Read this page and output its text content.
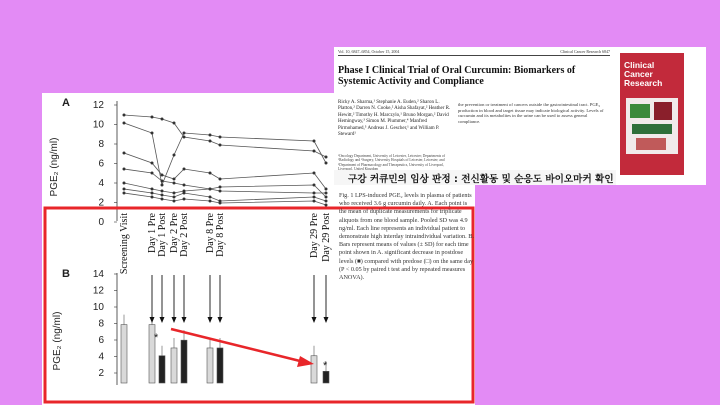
A
PGE₂ (ng/ml)
12
10
8
6
4
2
0
B
PGE₂ (ng/ml)
14
12
10
8
6
4
2
*
*
Screening Visit Day 1 Pre Day 1 Post Day 2 Pre Day 2 Post Day 8 Pre Day 8 Post	Day 29 Pre Day 29 Post
Vol. 10, 6847–6854, October 15, 2004	Clinical Cancer Research 6847
Phase I Clinical Trial of Oral Curcumin: Biomarkers of Systemic Activity and Compliance
Ricky A. Sharma,¹ Stephanie A. Euden,² Sharon L. Platton,² Darren N. Cooke,² Aisha Shafayat,² Heather R. Hewitt,² Timothy H. Marczylo,¹ Bruno Morgan,² David Hemingway,³ Simon M. Plummer,⁴ Manfred Pirmohamed,⁵ Andreas J. Gescher,¹ and William P. Steward¹
¹Oncology Department, University of Leicester, Leicester; Departments of ²Radiology and ³Surgery, University Hospitals of Leicester, Leicester; and ⁵Department of Pharmacology and Therapeutics, University of Liverpool,
the prevention or treatment of cancers outside the gastrointestinal tract. PGE₂ production in blood and target tissue may indicate biological activity. Levels of curcumin and its metabolites in the urine can be used to assess general compliance.
Clinical Cancer Research
구강 커큐민의 임상 판정 : 전신활동 및 순응도 바이오마커 확인
Fig. 1 LPS-induced PGE₂ levels in plasma of patients who received 3.6 g curcumin daily. A. Each point is the mean of duplicate measurements for triplicate aliquots from one blood sample. Pooled SD was 4.9 ng/ml. Each line represents an individual patient to demonstrate high interday intraindividual variation. B. Bars represent means of values (± SD) for each time point shown in A. significant decrease in postdose levels (■) compared with predose (□) on the same day (P < 0.05 by paired t test and by repeated measures ANOVA).
